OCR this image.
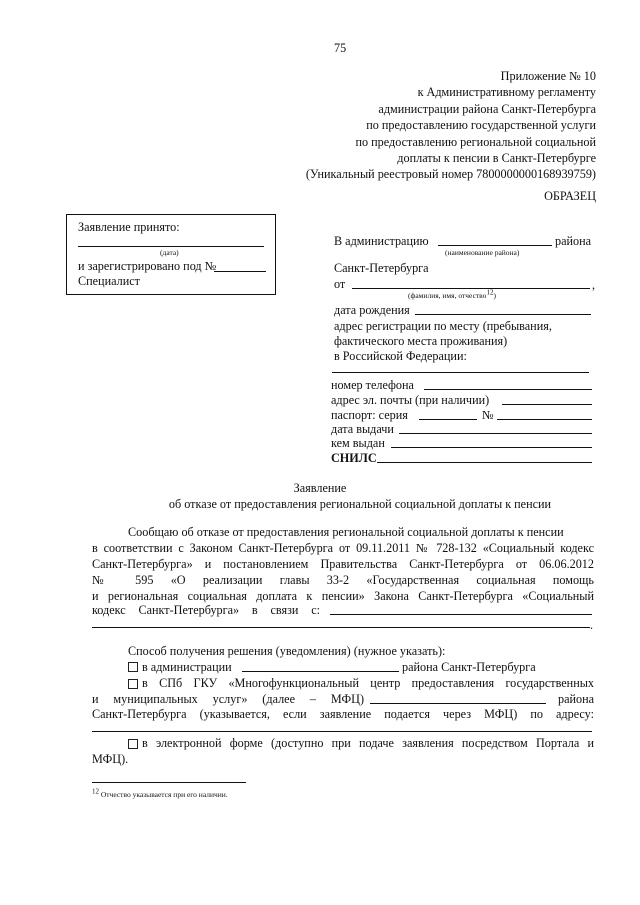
75
Приложение № 10
к Административному регламенту
администрации района Санкт-Петербурга
по предоставлению государственной услуги
по предоставлению региональной социальной
доплаты к пенсии в Санкт-Петербурге
(Уникальный реестровый номер 7800000000168939759)
ОБРАЗЕЦ
Заявление принято:
(дата)
и зарегистрировано под №
Специалист
В администрацию	района
(наименование района)
Санкт-Петербурга
от	,
(фамилия, имя, отчество$^{12}$)
дата рождения
адрес регистрации по месту (пребывания,
фактического места проживания)
в Российской Федерации:
номер телефона
адрес эл. почты (при наличии)
паспорт: серия	№
дата выдачи
кем выдан
СНИЛС
Заявление
об отказе от предоставления региональной социальной доплаты к пенсии
Сообщаю об отказе от предоставления региональной социальной доплаты к пенсии
в соответствии с Законом Санкт-Петербурга от 09.11.2011 № 728-132 «Социальный кодекс
Санкт-Петербурга» и постановлением Правительства Санкт-Петербурга от 06.06.2012
№ 595 «О реализации главы 33-2 «Государственная социальная помощь
и региональная социальная доплата к пенсии» Закона Санкт-Петербурга «Социальный
кодекс Санкт-Петербурга» в связи с:
.
Способ получения решения (уведомления) (нужное указать):
в администрации	района Санкт-Петербурга
в СПб ГКУ «Многофункциональный центр предоставления государственных
и муниципальных услуг» (далее – МФЦ)	района
Санкт-Петербурга (указывается, если заявление подается через МФЦ) по адресу:
в электронной форме (доступно при подаче заявления посредством Портала и
МФЦ).
$^{12}$ Отчество указывается при его наличии.
